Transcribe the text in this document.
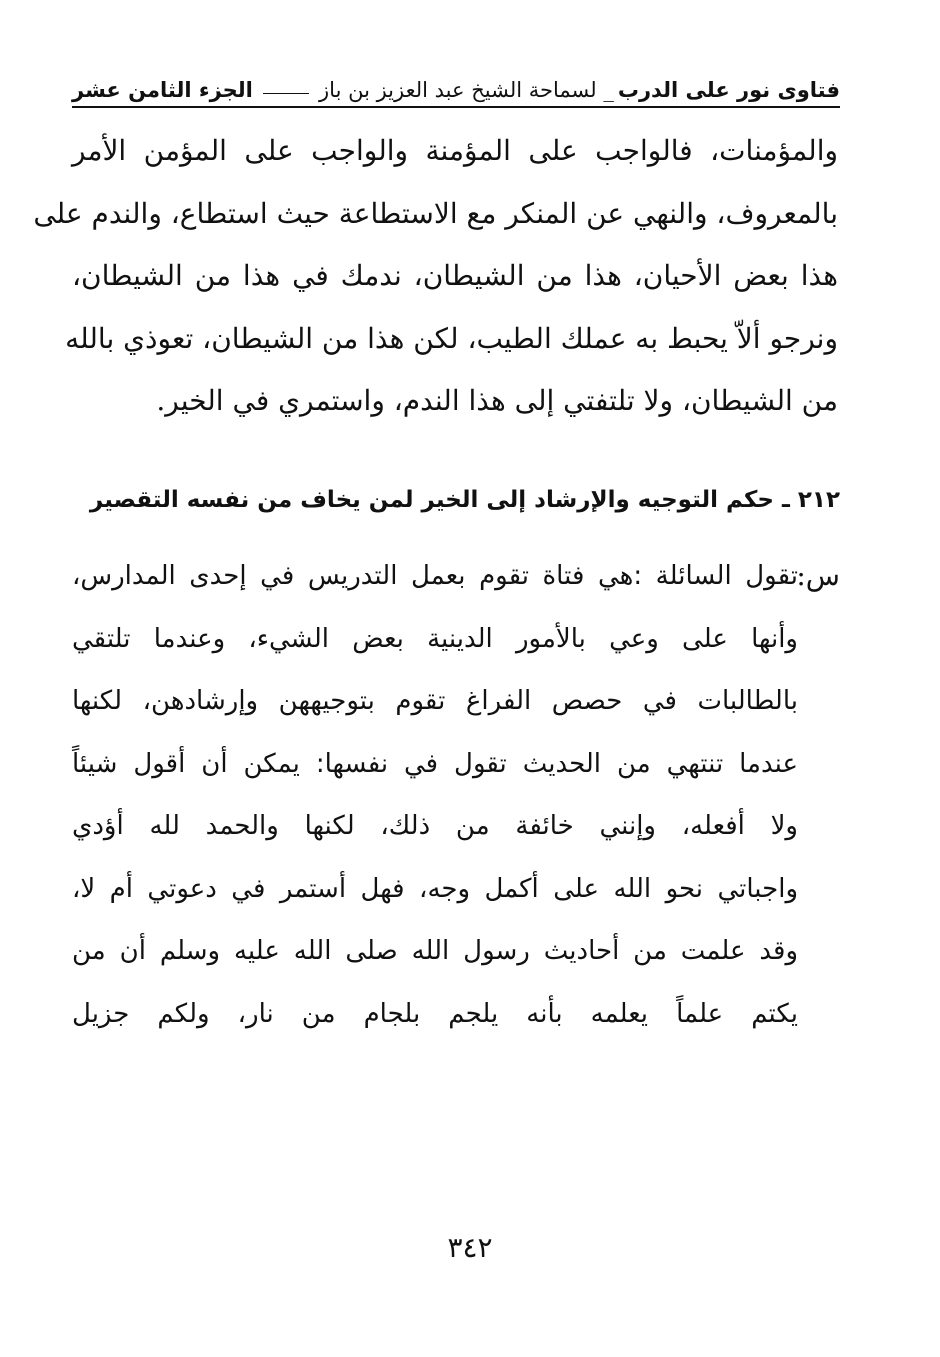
فتاوى نور على الدرب
_ لسماحة الشيخ عبد العزيز بن باز
الجزء الثامن عشر
والمؤمنات، فالواجب على المؤمنة والواجب على المؤمن الأمر
بالمعروف، والنهي عن المنكر مع الاستطاعة حيث استطاع، والندم على
هذا بعض الأحيان، هذا من الشيطان، ندمك في هذا من الشيطان،
ونرجو ألاّ يحبط به عملك الطيب، لكن هذا من الشيطان، تعوذي بالله
من الشيطان، ولا تلتفتي إلى هذا الندم، واستمري في الخير.
٢١٢ ـ حكم التوجيه والإرشاد إلى الخير لمن يخاف من نفسه التقصير
س:
تقول السائلة :هي فتاة تقوم بعمل التدريس في إحدى المدارس،
وأنها على وعي بالأمور الدينية بعض الشيء، وعندما تلتقي
بالطالبات في حصص الفراغ تقوم بتوجيههن وإرشادهن، لكنها
عندما تنتهي من الحديث تقول في نفسها: يمكن أن أقول شيئاً
ولا أفعله، وإنني خائفة من ذلك، لكنها والحمد لله أؤدي
واجباتي نحو الله على أكمل وجه، فهل أستمر في دعوتي أم لا،
وقد علمت من أحاديث رسول الله صلى الله عليه وسلم أن من
يكتم علماً يعلمه بأنه يلجم بلجام من نار، ولكم جزيل
٣٤٢
